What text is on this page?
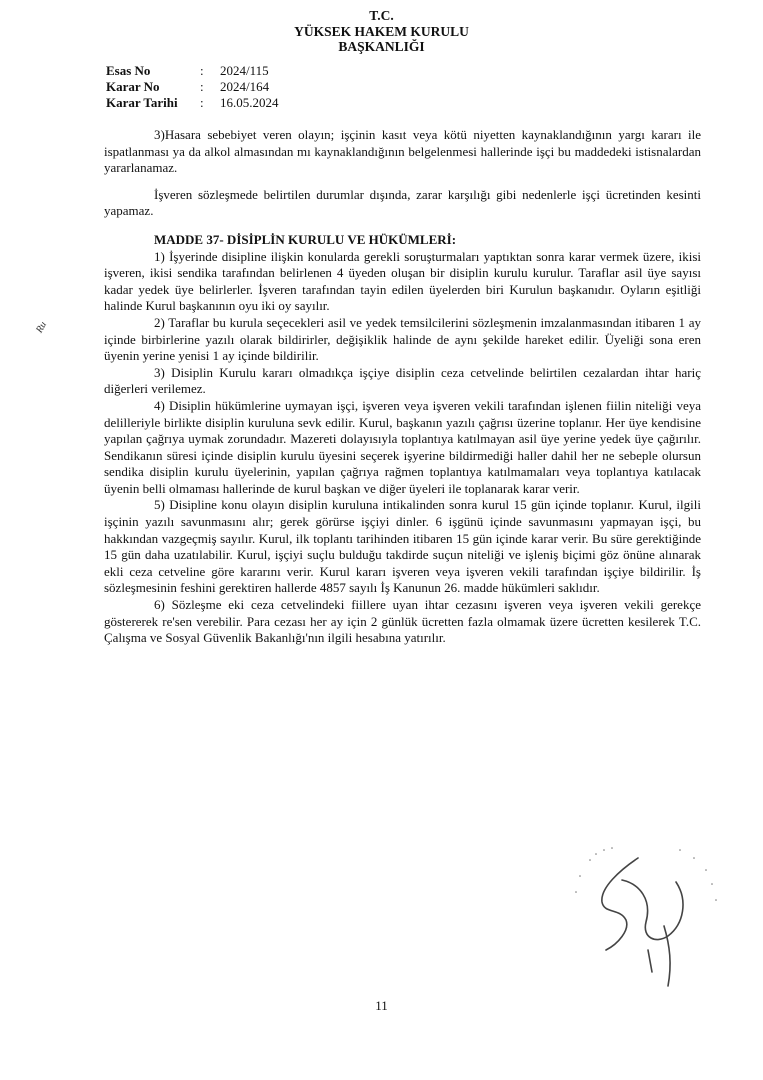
T.C.
YÜKSEK HAKEM KURULU
BAŞKANLIĞI
Esas No	:	2024/115
Karar No	:	2024/164
Karar Tarihi	:	16.05.2024

3)Hasara sebebiyet veren olayın; işçinin kasıt veya kötü niyetten kaynaklandığının yargı kararı ile ispatlanması ya da alkol almasından mı kaynaklandığının belgelenmesi hallerinde işçi bu maddedeki istisnalardan yararlanamaz.

İşveren sözleşmede belirtilen durumlar dışında, zarar karşılığı gibi nedenlerle işçi ücretinden kesinti yapamaz.

MADDE 37- DİSİPLİN KURULU VE HÜKÜMLERİ:

1) İşyerinde disipline ilişkin konularda gerekli soruşturmaları yaptıktan sonra karar vermek üzere, ikisi işveren, ikisi sendika tarafından belirlenen 4 üyeden oluşan bir disiplin kurulu kurulur. Taraflar asil üye sayısı kadar yedek üye belirlerler. İşveren tarafından tayin edilen üyelerden biri Kurulun başkanıdır. Oyların eşitliği halinde Kurul başkanının oyu iki oy sayılır.

2) Taraflar bu kurula seçecekleri asil ve yedek temsilcilerini sözleşmenin imzalanmasından itibaren 1 ay içinde birbirlerine yazılı olarak bildirirler, değişiklik halinde de aynı şekilde hareket edilir. Üyeliği sona eren üyenin yerine yenisi 1 ay içinde bildirilir.

3) Disiplin Kurulu kararı olmadıkça işçiye disiplin ceza cetvelinde belirtilen cezalardan ihtar hariç diğerleri verilemez.

4) Disiplin hükümlerine uymayan işçi, işveren veya işveren vekili tarafından işlenen fiilin niteliği veya delilleriyle birlikte disiplin kuruluna sevk edilir. Kurul, başkanın yazılı çağrısı üzerine toplanır. Her üye kendisine yapılan çağrıya uymak zorundadır. Mazereti dolayısıyla toplantıya katılmayan asil üye yerine yedek üye çağırılır. Sendikanın süresi içinde disiplin kurulu üyesini seçerek işyerine bildirmediği haller dahil her ne sebeple olursun sendika disiplin kurulu üyelerinin, yapılan çağrıya rağmen toplantıya katılmamaları veya toplantıya katılacak üyenin belli olmaması hallerinde de kurul başkan ve diğer üyeleri ile toplanarak karar verir.

5) Disipline konu olayın disiplin kuruluna intikalinden sonra kurul 15 gün içinde toplanır. Kurul, ilgili işçinin yazılı savunmasını alır; gerek görürse işçiyi dinler. 6 işgünü içinde savunmasını yapmayan işçi, bu hakkından vazgeçmiş sayılır. Kurul, ilk toplantı tarihinden itibaren 15 gün içinde karar verir. Bu süre gerektiğinde 15 gün daha uzatılabilir. Kurul, işçiyi suçlu bulduğu takdirde suçun niteliği ve işleniş biçimi göz önüne alınarak ekli ceza cetveline göre kararını verir. Kurul kararı işveren veya işveren vekili tarafından işçiye bildirilir. İş sözleşmesinin feshini gerektiren hallerde 4857 sayılı İş Kanunun 26. madde hükümleri saklıdır.

6) Sözleşme eki ceza cetvelindeki fiillere uyan ihtar cezasını işveren veya işveren vekili gerekçe göstererek re'sen verebilir. Para cezası her ay için 2 günlük ücretten fazla olmamak üzere ücretten kesilerek T.C. Çalışma ve Sosyal Güvenlik Bakanlığı'nın ilgili hesabına yatırılır.

Ru
11
